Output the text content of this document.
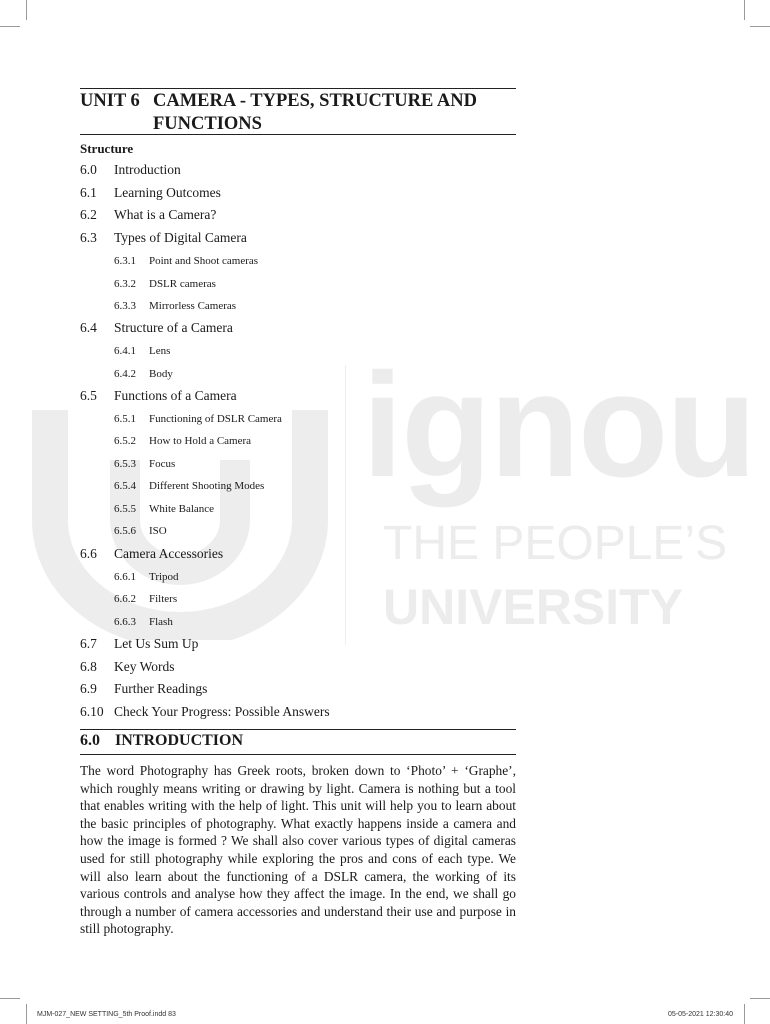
ignou
THE PEOPLE’S
UNIVERSITY
UNIT 6 CAMERA - TYPES, STRUCTURE AND
FUNCTIONS
Structure
6.0 Introduction
6.1 Learning Outcomes
6.2 What is a Camera?
6.3 Types of Digital Camera
6.3.1 Point and Shoot cameras
6.3.2 DSLR cameras
6.3.3 Mirrorless Cameras
6.4 Structure of a Camera
6.4.1 Lens
6.4.2 Body
6.5 Functions of a Camera
6.5.1 Functioning of DSLR Camera
6.5.2 How to Hold a Camera
6.5.3 Focus
6.5.4 Different Shooting Modes
6.5.5 White Balance
6.5.6 ISO
6.6 Camera Accessories
6.6.1 Tripod
6.6.2 Filters
6.6.3 Flash
6.7 Let Us Sum Up
6.8 Key Words
6.9 Further Readings
6.10 Check Your Progress: Possible Answers
6.0 INTRODUCTION
The word Photography has Greek roots, broken down to ‘Photo’ + ‘Graphe’, which roughly means writing or drawing by light. Camera is nothing but a tool that enables writing with the help of light. This unit will help you to learn about the basic principles of photography. What exactly happens inside a camera and how the image is formed ? We shall also cover various types of digital cameras used for still photography while exploring the pros and cons of each type. We will also learn about the functioning of a DSLR camera, the working of its various controls and analyse how they affect the image. In the end, we shall go through a number of camera accessories and understand their use and purpose in still photography.
MJM-027_NEW SETTING_5th Proof.indd 83	05-05-2021 12:30:40
